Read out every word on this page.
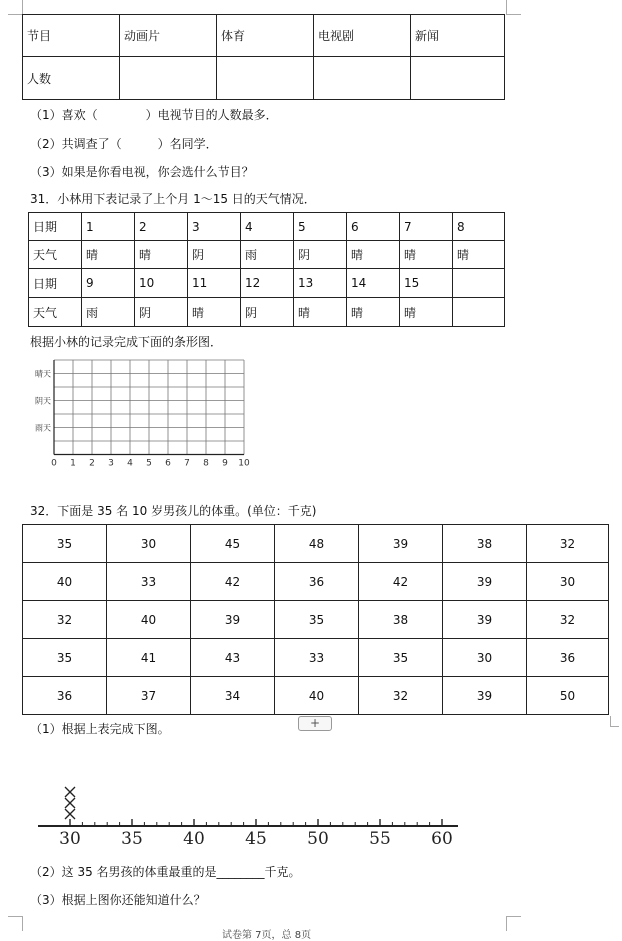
节目	动画片	体育	电视剧	新闻
人数				
（1）喜欢（　　　　）电视节目的人数最多．
（2）共调查了（　　　）名同学．
（3）如果是你看电视，你会选什么节目？
31．小林用下表记录了上个月 1～15 日的天气情况．
日期	1	2	3	4	5	6	7	8
天气	晴	晴	阴	雨	阴	晴	晴	晴
日期	9	10	11	12	13	14	15	
天气	雨	阴	晴	阴	晴	晴	晴	
根据小林的记录完成下面的条形图．
晴天
阴天
雨天
0 1 2 3 4 5 6 7 8 9 10
32．下面是 35 名 10 岁男孩儿的体重。(单位：千克)
35	30	45	48	39	38	32
40	33	42	36	42	39	30
32	40	39	35	38	39	32
35	41	43	33	35	30	36
36	37	34	40	32	39	50
+
（1）根据上表完成下图。
30 35 40 45 50 55 60
（2）这 35 名男孩的体重最重的是________千克。
（3）根据上图你还能知道什么？
试卷第 7页，总 8页
